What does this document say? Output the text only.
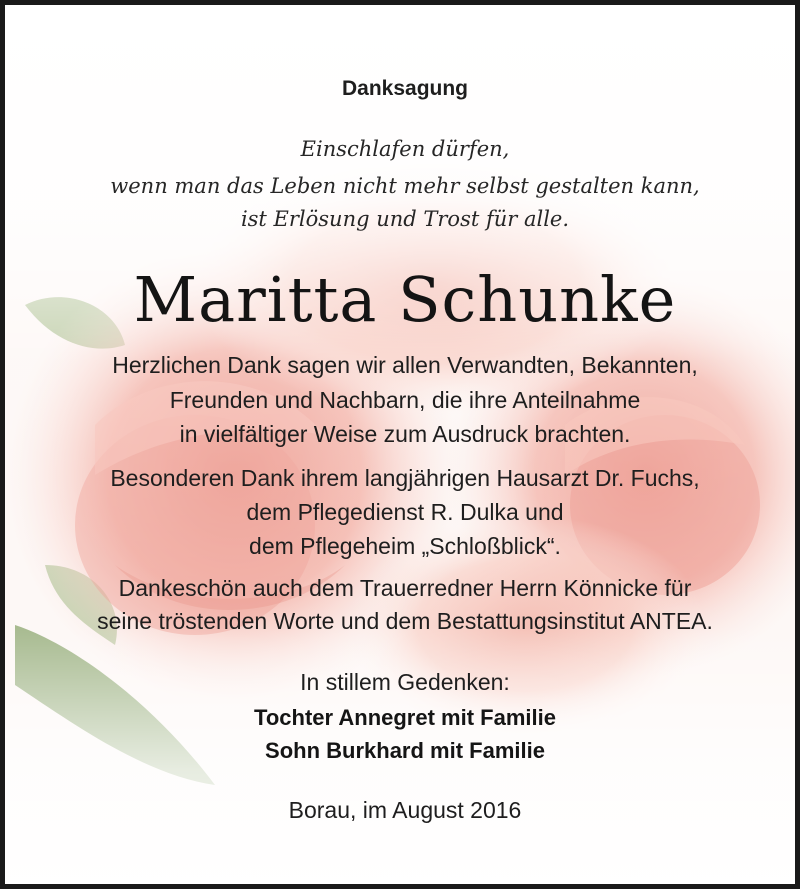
Danksagung
Einschlafen dürfen,
wenn man das Leben nicht mehr selbst gestalten kann,
ist Erlösung und Trost für alle.
Maritta Schunke
Herzlichen Dank sagen wir allen Verwandten, Bekannten,
Freunden und Nachbarn, die ihre Anteilnahme
in vielfältiger Weise zum Ausdruck brachten.
Besonderen Dank ihrem langjährigen Hausarzt Dr. Fuchs,
dem Pflegedienst R. Dulka und
dem Pflegeheim „Schloßblick“.
Dankeschön auch dem Trauerredner Herrn Könnicke für
seine tröstenden Worte und dem Bestattungsinstitut ANTEA.
In stillem Gedenken:
Tochter Annegret mit Familie
Sohn Burkhard mit Familie
Borau, im August 2016
